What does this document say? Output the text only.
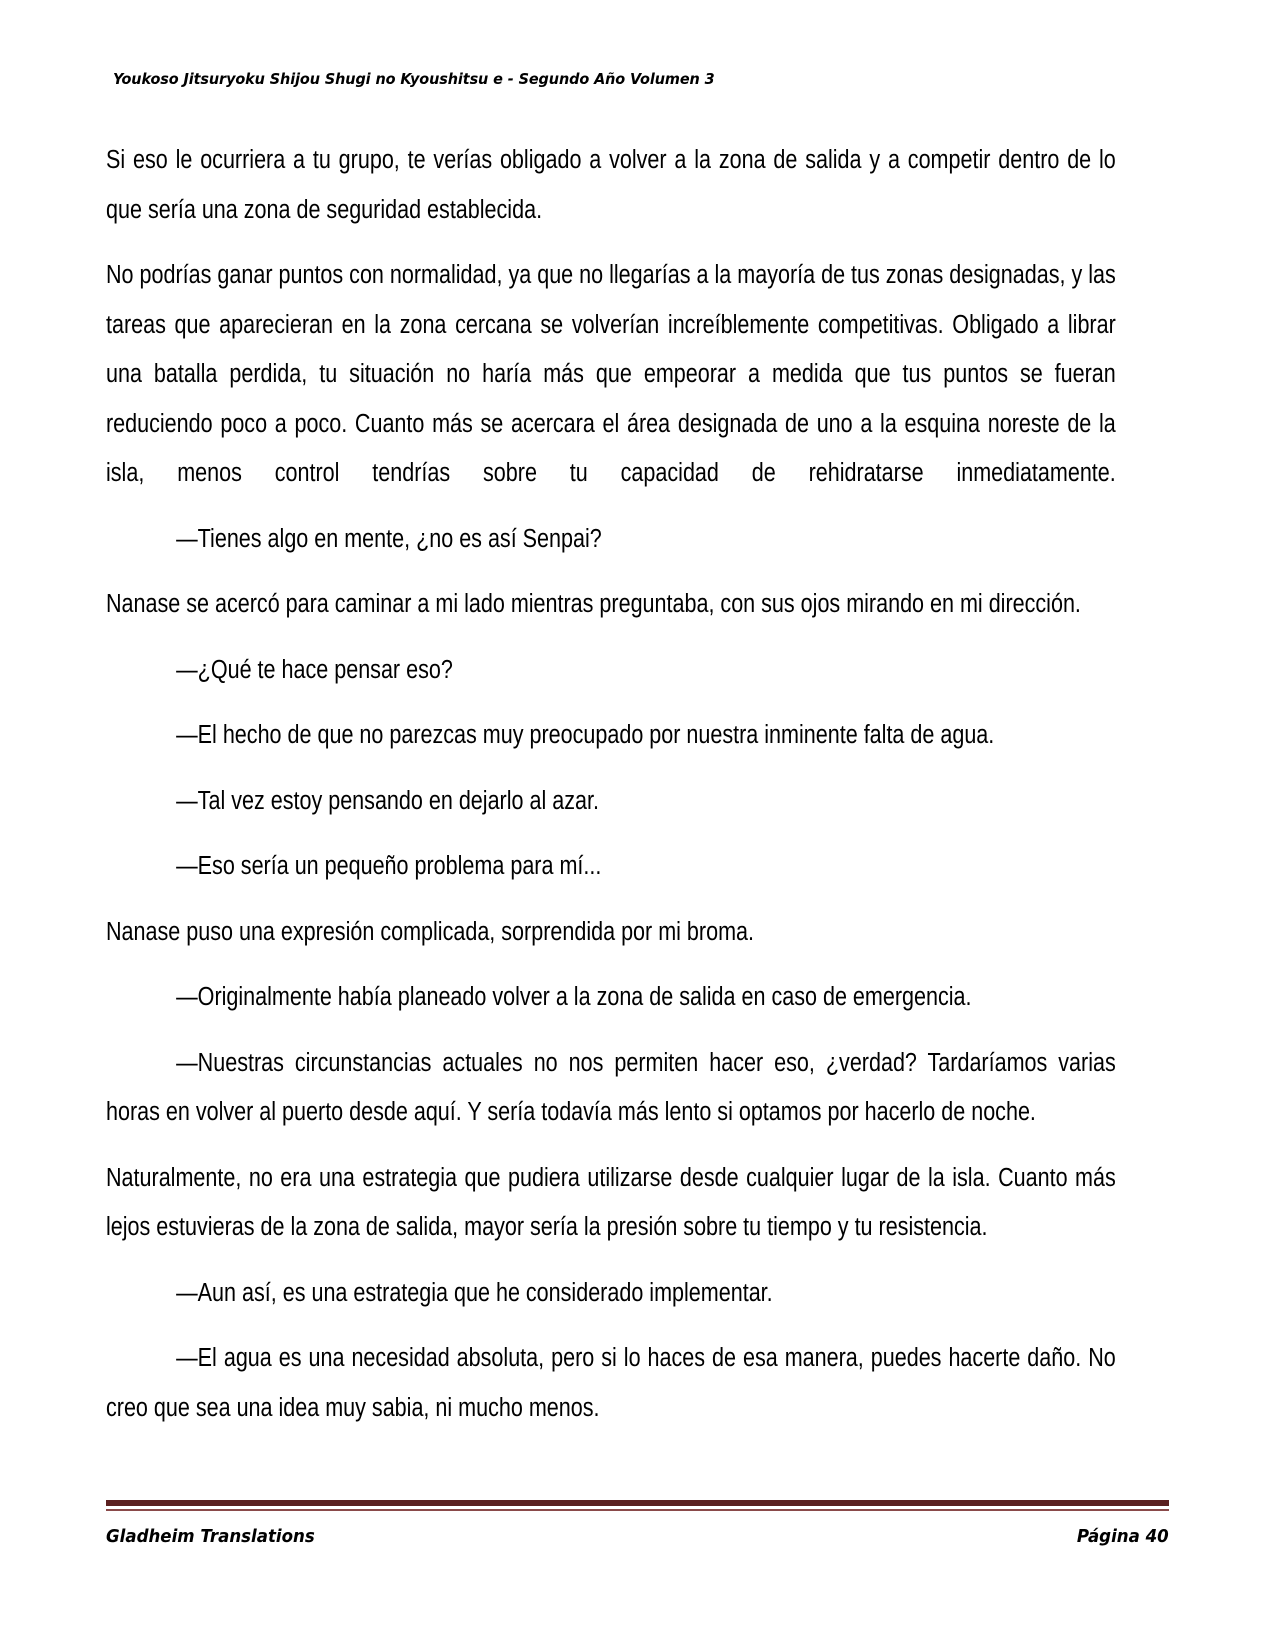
Youkoso Jitsuryoku Shijou Shugi no Kyoushitsu e - Segundo Año Volumen 3

Si eso le ocurriera a tu grupo, te verías obligado a volver a la zona de salida y a competir dentro de lo que sería una zona de seguridad establecida.

No podrías ganar puntos con normalidad, ya que no llegarías a la mayoría de tus zonas designadas, y las tareas que aparecieran en la zona cercana se volverían increíblemente competitivas. Obligado a librar una batalla perdida, tu situación no haría más que empeorar a medida que tus puntos se fueran reduciendo poco a poco. Cuanto más se acercara el área designada de uno a la esquina noreste de la isla, menos control tendrías sobre tu capacidad de rehidratarse inmediatamente.

—Tienes algo en mente, ¿no es así Senpai?

Nanase se acercó para caminar a mi lado mientras preguntaba, con sus ojos mirando en mi dirección.

—¿Qué te hace pensar eso?

—El hecho de que no parezcas muy preocupado por nuestra inminente falta de agua.

—Tal vez estoy pensando en dejarlo al azar.

—Eso sería un pequeño problema para mí...

Nanase puso una expresión complicada, sorprendida por mi broma.

—Originalmente había planeado volver a la zona de salida en caso de emergencia.

—Nuestras circunstancias actuales no nos permiten hacer eso, ¿verdad? Tardaríamos varias horas en volver al puerto desde aquí. Y sería todavía más lento si optamos por hacerlo de noche.

Naturalmente, no era una estrategia que pudiera utilizarse desde cualquier lugar de la isla. Cuanto más lejos estuvieras de la zona de salida, mayor sería la presión sobre tu tiempo y tu resistencia.

—Aun así, es una estrategia que he considerado implementar.

—El agua es una necesidad absoluta, pero si lo haces de esa manera, puedes hacerte daño. No creo que sea una idea muy sabia, ni mucho menos.

Gladheim Translations	Página 40
